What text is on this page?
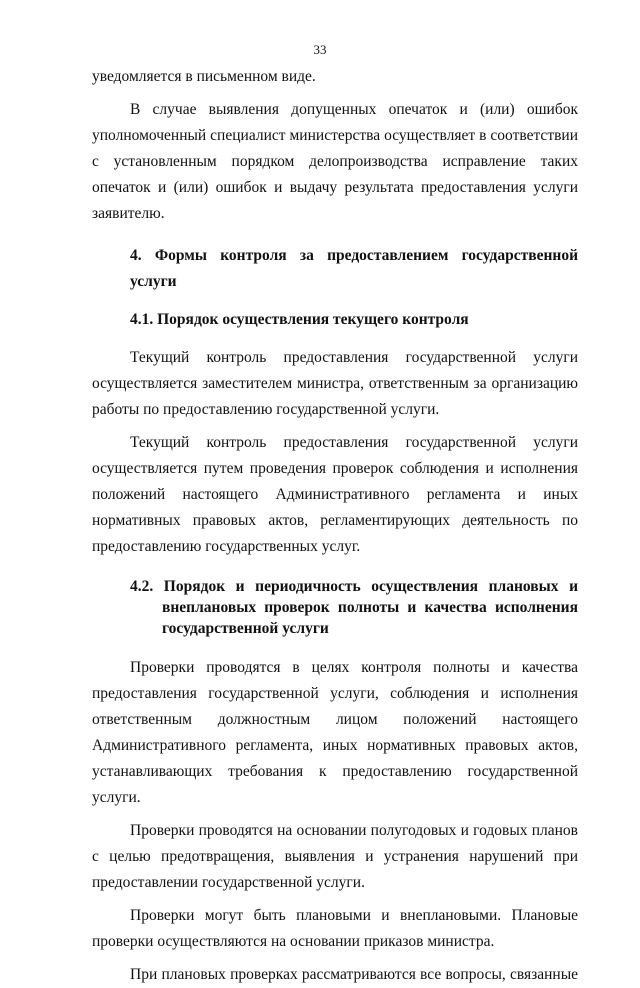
33

уведомляется в письменном виде.

В случае выявления допущенных опечаток и (или) ошибок уполномоченный специалист министерства осуществляет в соответствии с установленным порядком делопроизводства исправление таких опечаток и (или) ошибок и выдачу результата предоставления услуги заявителю.

4. Формы контроля за предоставлением государственной услуги

4.1. Порядок осуществления текущего контроля

Текущий контроль предоставления государственной услуги осуществляется заместителем министра, ответственным за организацию работы по предоставлению государственной услуги.

Текущий контроль предоставления государственной услуги осуществляется путем проведения проверок соблюдения и исполнения положений настоящего Административного регламента и иных нормативных правовых актов, регламентирующих деятельность по предоставлению государственных услуг.

4.2. Порядок и периодичность осуществления плановых и внеплановых проверок полноты и качества исполнения государственной услуги

Проверки проводятся в целях контроля полноты и качества предоставления государственной услуги, соблюдения и исполнения ответственным должностным лицом положений настоящего Административного регламента, иных нормативных правовых актов, устанавливающих требования к предоставлению государственной услуги.

Проверки проводятся на основании полугодовых и годовых планов с целью предотвращения, выявления и устранения нарушений при предоставлении государственной услуги.

Проверки могут быть плановыми и внеплановыми. Плановые проверки осуществляются на основании приказов министра.

При плановых проверках рассматриваются все вопросы, связанные
